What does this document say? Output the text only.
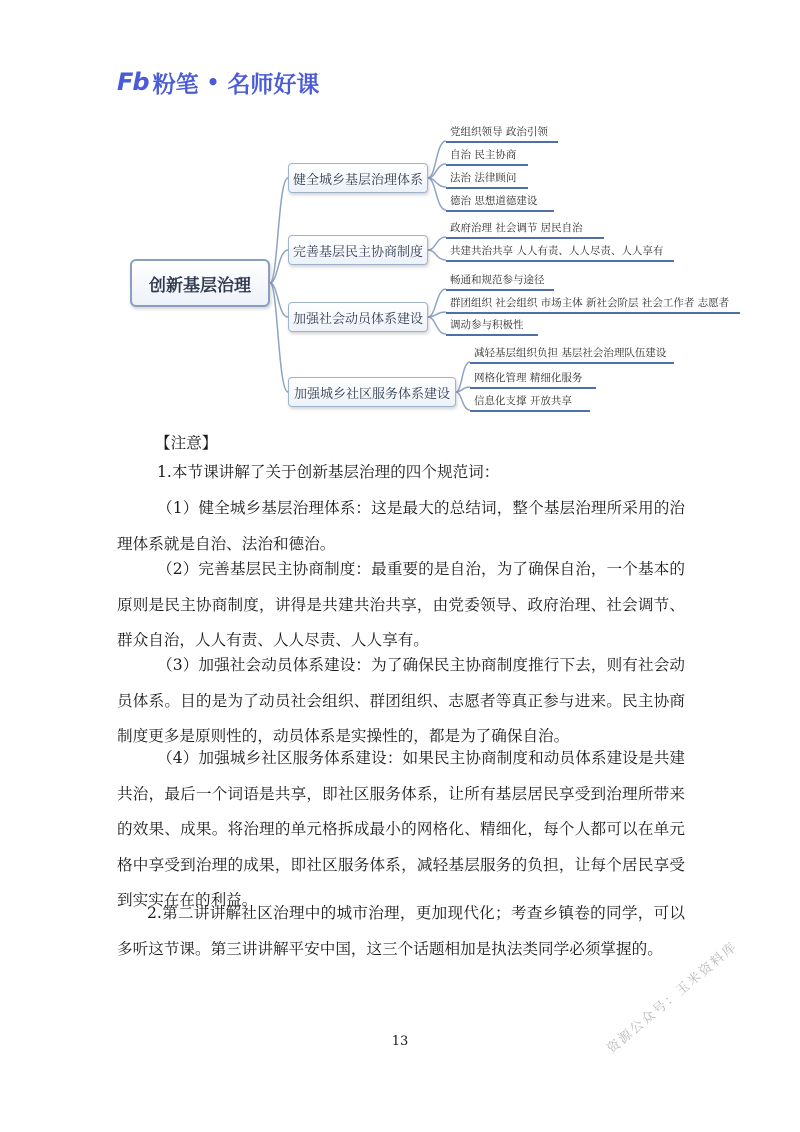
Fb 粉笔 • 名师好课
创新基层治理
健全城乡基层治理体系
完善基层民主协商制度
加强社会动员体系建设
加强城乡社区服务体系建设
党组织领导 政治引领
自治 民主协商
法治 法律顾问
德治 思想道德建设
政府治理 社会调节 居民自治
共建共治共享 人人有责、人人尽责、人人享有
畅通和规范参与途径
群团组织 社会组织 市场主体 新社会阶层 社会工作者 志愿者
调动参与积极性
减轻基层组织负担 基层社会治理队伍建设
网格化管理 精细化服务
信息化支撑 开放共享
【注意】
1.本节课讲解了关于创新基层治理的四个规范词：
（1）健全城乡基层治理体系：这是最大的总结词，整个基层治理所采用的治理体系就是自治、法治和德治。
（2）完善基层民主协商制度：最重要的是自治，为了确保自治，一个基本的原则是民主协商制度，讲得是共建共治共享，由党委领导、政府治理、社会调节、群众自治，人人有责、人人尽责、人人享有。
（3）加强社会动员体系建设：为了确保民主协商制度推行下去，则有社会动员体系。目的是为了动员社会组织、群团组织、志愿者等真正参与进来。民主协商制度更多是原则性的，动员体系是实操性的，都是为了确保自治。
（4）加强城乡社区服务体系建设：如果民主协商制度和动员体系建设是共建共治，最后一个词语是共享，即社区服务体系，让所有基层居民享受到治理所带来的效果、成果。将治理的单元格拆成最小的网格化、精细化，每个人都可以在单元格中享受到治理的成果，即社区服务体系，减轻基层服务的负担，让每个居民享受到实实在在的利益。
2.第二讲讲解社区治理中的城市治理，更加现代化；考查乡镇卷的同学，可以多听这节课。第三讲讲解平安中国，这三个话题相加是执法类同学必须掌握的。
13	资源公众号：玉米资料库
